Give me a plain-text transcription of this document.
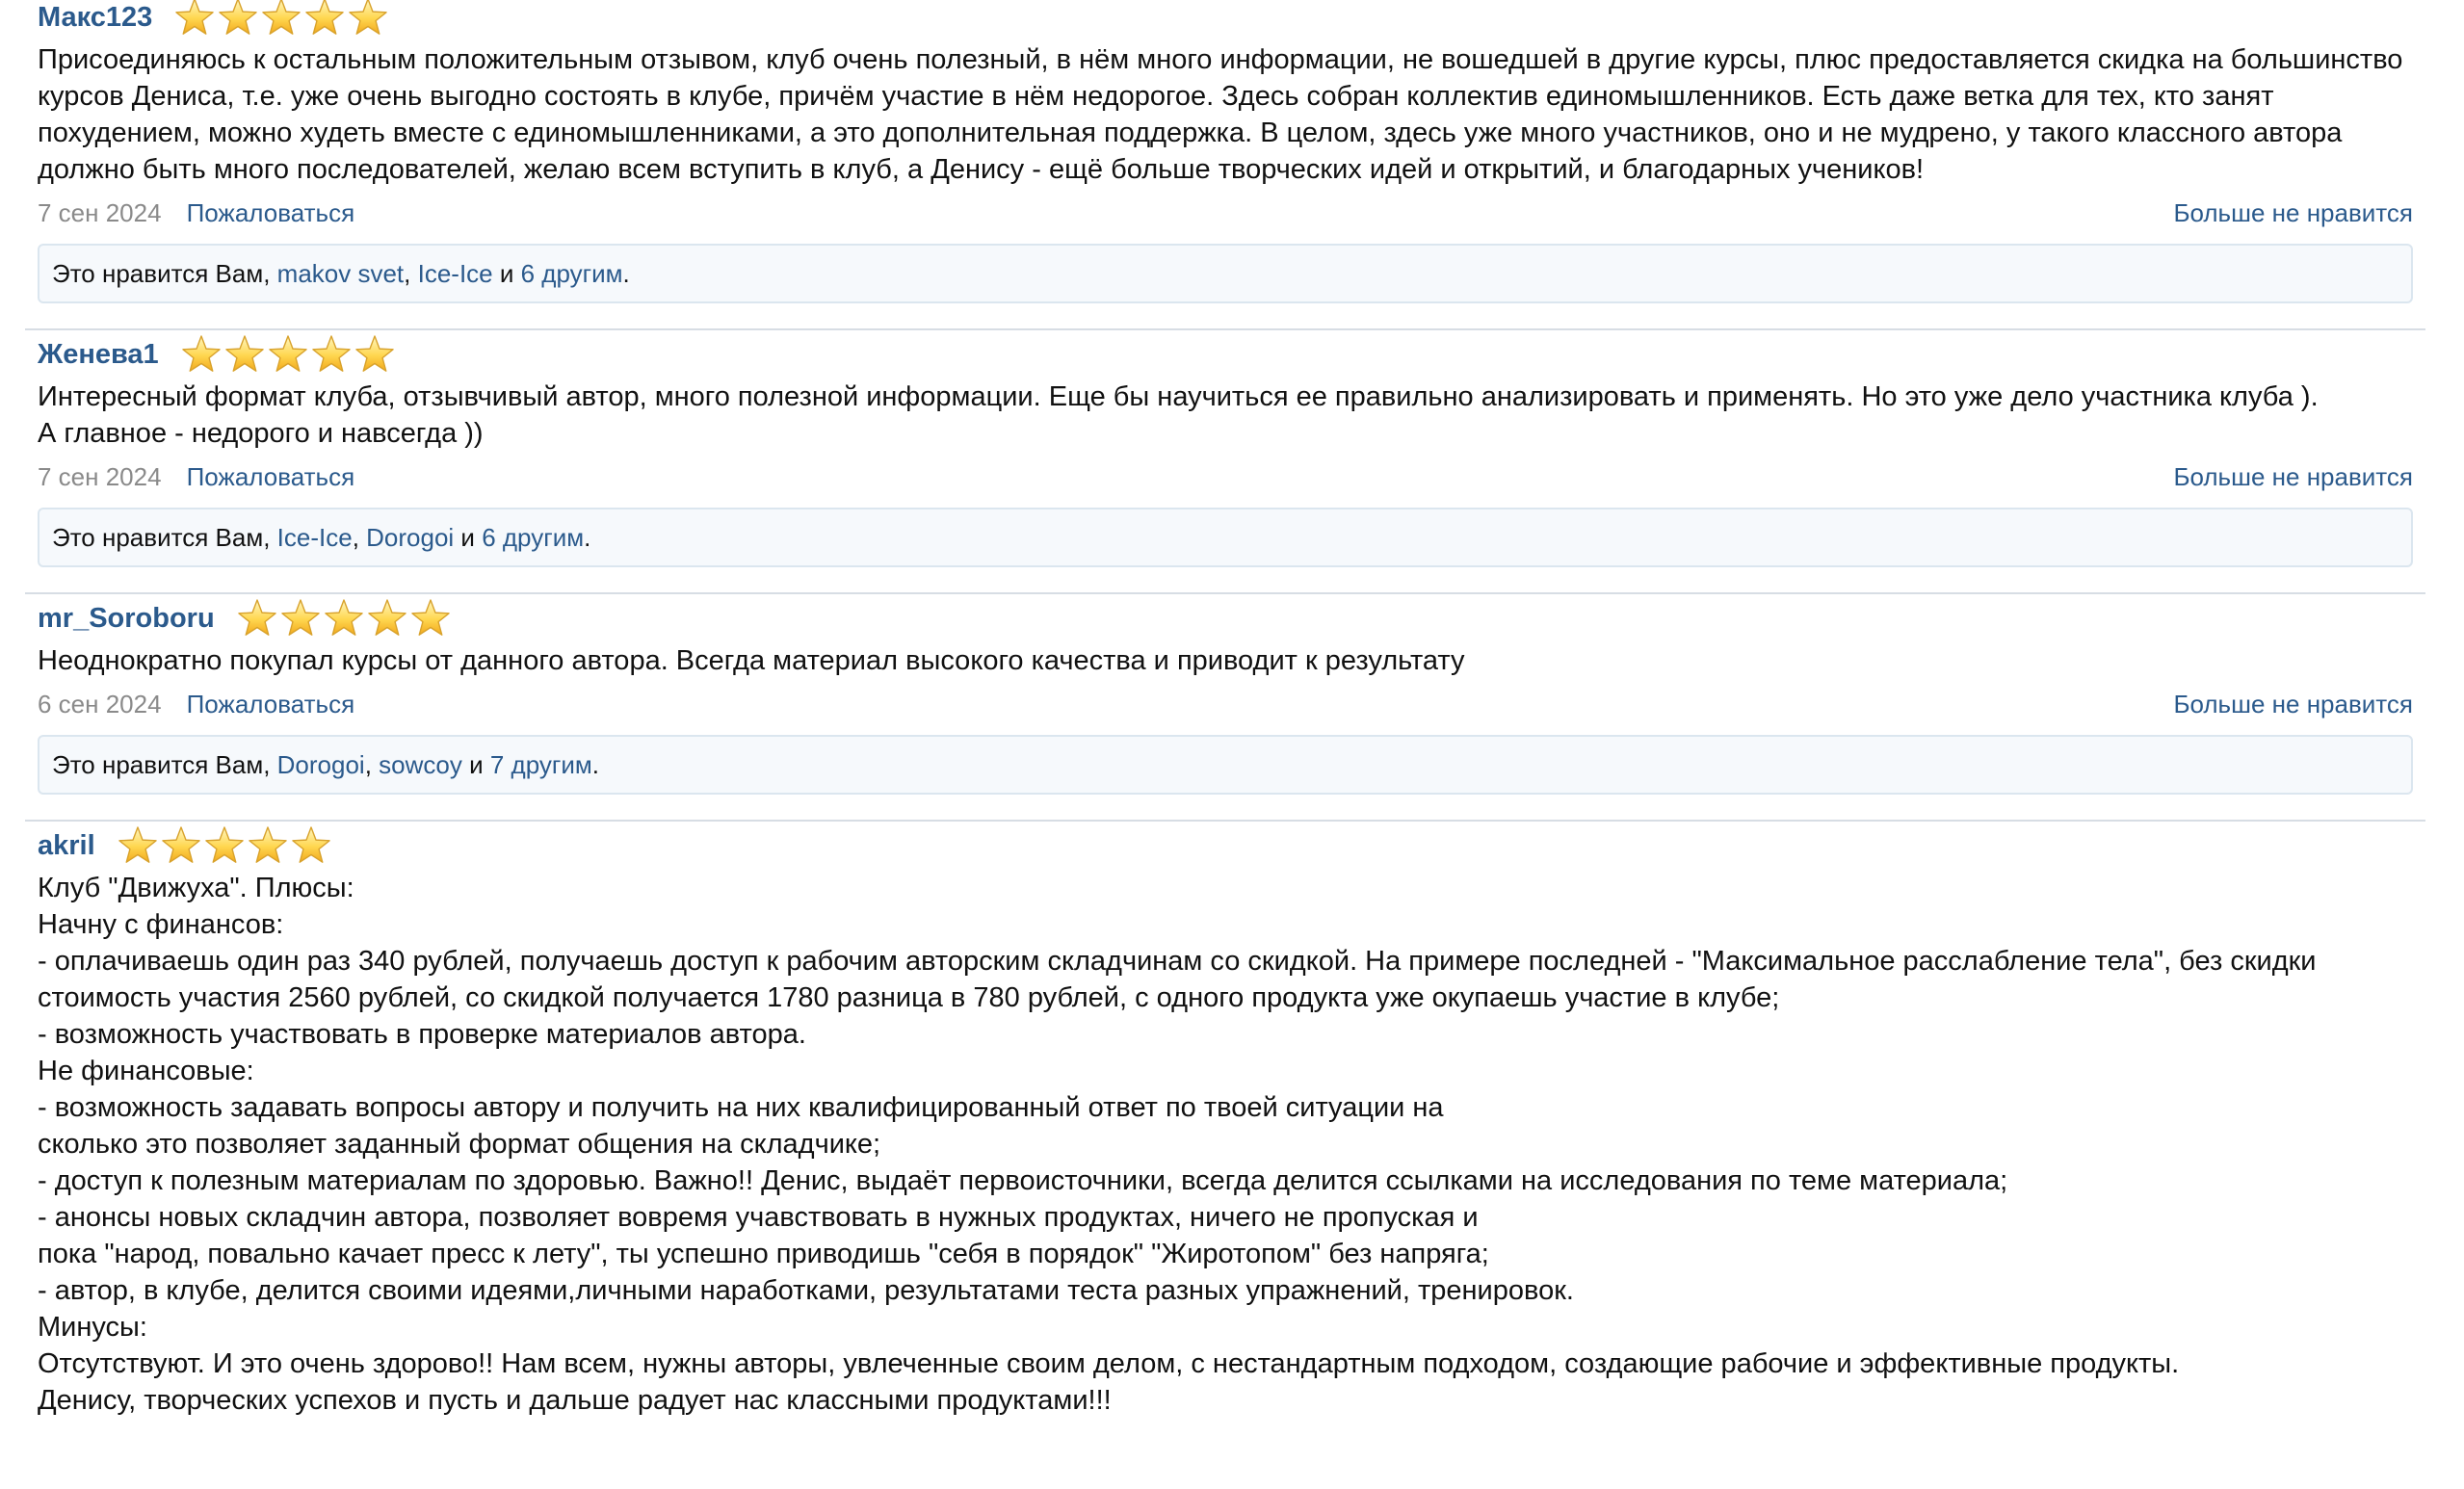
Макс123

Присоединяюсь к остальным положительным отзывом, клуб очень полезный, в нём много информации, не вошедшей в другие курсы, плюс предоставляется скидка на большинство курсов Дениса, т.е. уже очень выгодно состоять в клубе, причём участие в нём недорогое. Здесь собран коллектив единомышленников. Есть даже ветка для тех, кто занят похудением, можно худеть вместе с единомышленниками, а это дополнительная поддержка. В целом, здесь уже много участников, оно и не мудрено, у такого классного автора должно быть много последователей, желаю всем вступить в клуб, а Денису - ещё больше творческих идей и открытий, и благодарных учеников!

7 сен 2024 Пожаловаться	Больше не нравится
Это нравится Вам, makov svet , Ice-Ice и 6 другим .
Женева1

Интересный формат клуба, отзывчивый автор, много полезной информации. Еще бы научиться ее правильно анализировать и применять. Но это уже дело участника клуба ).

А главное - недорого и навсегда ))

7 сен 2024 Пожаловаться	Больше не нравится
Это нравится Вам, Ice-Ice , Dorogoi и 6 другим .
mr_Soroboru

Неоднократно покупал курсы от данного автора. Всегда материал высокого качества и приводит к результату

6 сен 2024 Пожаловаться	Больше не нравится
Это нравится Вам, Dorogoi , sowcoy и 7 другим .
akril

Клуб "Движуха". Плюсы:

Начну с финансов:

- оплачиваешь один раз 340 рублей, получаешь доступ к рабочим авторским складчинам со скидкой. На примере последней - "Максимальное расслабление тела", без скидки стоимость участия 2560 рублей, со скидкой получается 1780 разница в 780 рублей, с одного продукта уже окупаешь участие в клубе;

- возможность участвовать в проверке материалов автора.

Не финансовые:

- возможность задавать вопросы автору и получить на них квалифицированный ответ по твоей ситуации на

сколько это позволяет заданный формат общения на складчике;

- доступ к полезным материалам по здоровью. Важно!! Денис, выдаёт первоисточники, всегда делится ссылками на исследования по теме материала;

- анонсы новых складчин автора, позволяет вовремя учавствовать в нужных продуктах, ничего не пропуская и

пока "народ, повально качает пресс к лету", ты успешно приводишь "себя в порядок" "Жиротопом" без напряга;

- автор, в клубе, делится своими идеями,личными наработками, результатами теста разных упражнений, тренировок.

Минусы:

Отсутствуют. И это очень здорово!! Нам всем, нужны авторы, увлеченные своим делом, с нестандартным подходом, создающие рабочие и эффективные продукты.

Денису, творческих успехов и пусть и дальше радует нас классными продуктами!!!
